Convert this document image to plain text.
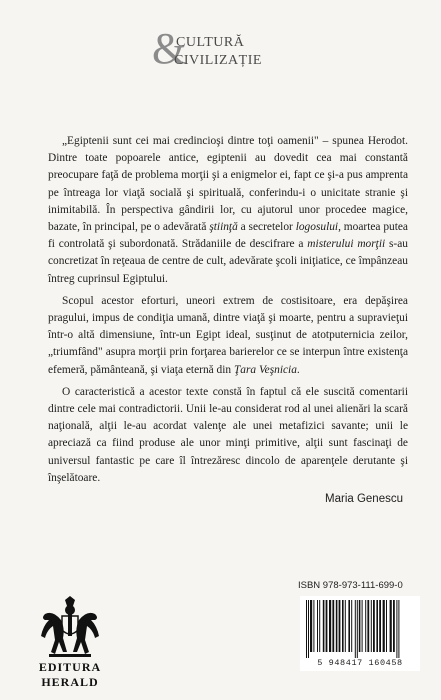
&
CULTURĂ
CIVILIZAȚIE

„Egiptenii sunt cei mai credincioşi dintre toţi oamenii" – spunea Herodot. Dintre toate popoarele antice, egiptenii au dovedit cea mai constantă preocupare faţă de problema morţii şi a enigmelor ei, fapt ce şi-a pus amprenta pe întreaga lor viaţă socială şi spirituală, conferindu-i o unicitate stranie şi inimitabilă. În perspectiva gândirii lor, cu ajutorul unor procedee magice, bazate, în principal, pe o adevărată ştiinţă a secretelor logosului, moartea putea fi controlată şi subordonată. Strădaniile de descifrare a misterului morţii s-au concretizat în reţeaua de centre de cult, adevărate şcoli iniţiatice, ce împânzeau întreg cuprinsul Egiptului.

Scopul acestor eforturi, uneori extrem de costisitoare, era depăşirea pragului, impus de condiţia umană, dintre viaţă şi moarte, pentru a supravieţui într-o altă dimensiune, într-un Egipt ideal, susţinut de atotputernicia zeilor, „triumfând" asupra morţii prin forţarea barierelor ce se interpun între existenţa efemeră, pământeană, şi viaţa eternă din Ţara Veşnicia.

O caracteristică a acestor texte constă în faptul că ele suscită comentarii dintre cele mai contradictorii. Unii le-au considerat rod al unei alienări la scară naţională, alţii le-au acordat valenţe ale unei metafizici savante; unii le apreciază ca fiind produse ale unor minţi primitive, alţii sunt fascinaţi de universul fantastic pe care îl întrezăresc dincolo de aparenţele derutante şi înşelătoare.

Maria Genescu
EDITURA
HERALD
ISBN 978-973-111-699-0
5 948417 160458
